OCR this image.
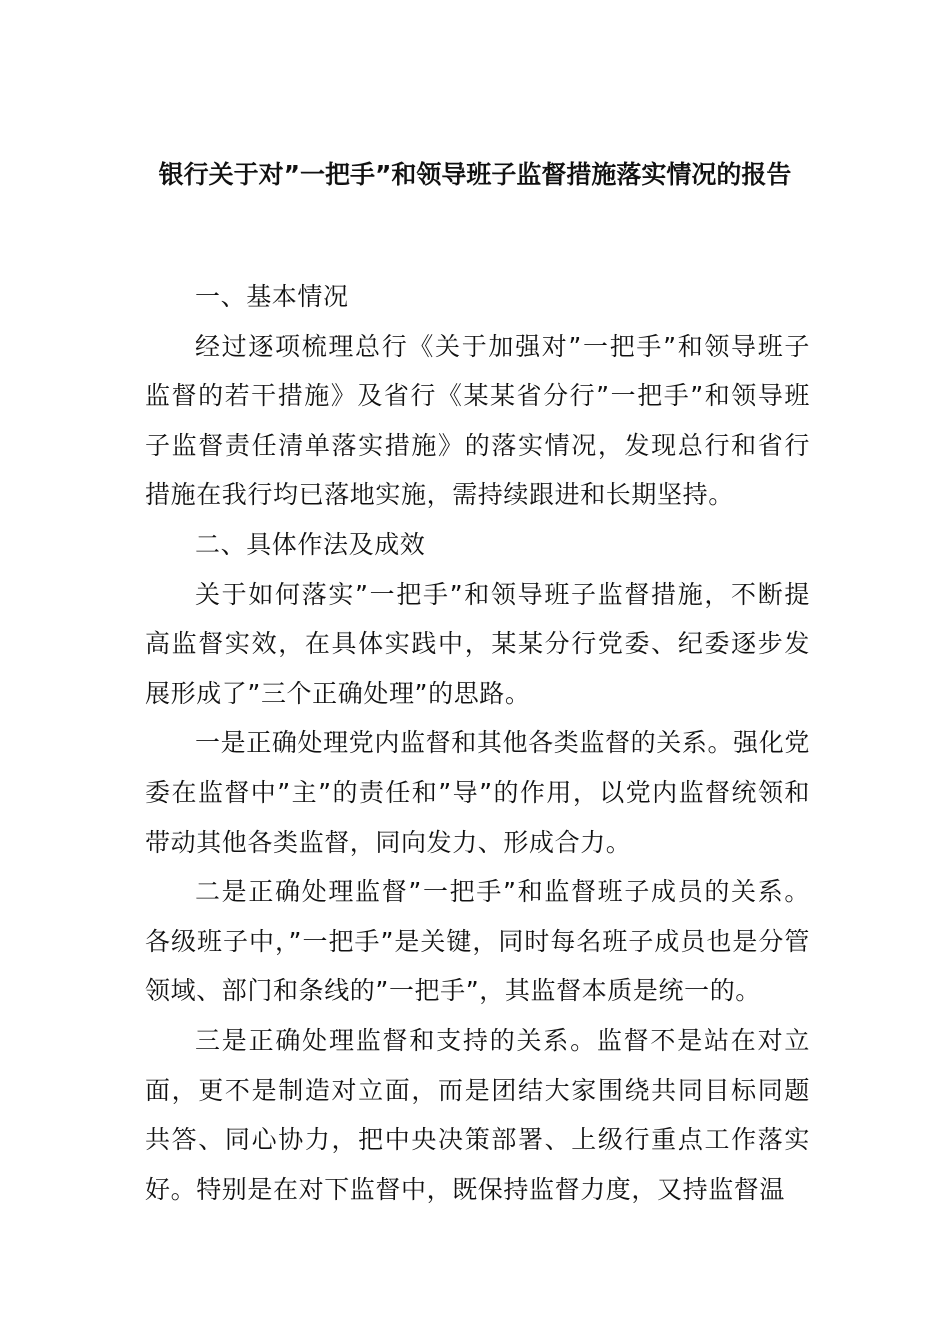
银行关于对”一把手”和领导班子监督措施落实情况的报告

一、基本情况

经过逐项梳理总行《关于加强对”一把手”和领导班子监督的若干措施》及省行《某某省分行”一把手”和领导班子监督责任清单落实措施》的落实情况，发现总行和省行措施在我行均已落地实施，需持续跟进和长期坚持。

二、具体作法及成效

关于如何落实”一把手”和领导班子监督措施，不断提高监督实效，在具体实践中，某某分行党委、纪委逐步发展形成了”三个正确处理”的思路。

一是正确处理党内监督和其他各类监督的关系。强化党委在监督中”主”的责任和”导”的作用，以党内监督统领和带动其他各类监督，同向发力、形成合力。

二是正确处理监督”一把手”和监督班子成员的关系。各级班子中，”一把手”是关键，同时每名班子成员也是分管领域、部门和条线的”一把手”，其监督本质是统一的。

三是正确处理监督和支持的关系。监督不是站在对立面，更不是制造对立面，而是团结大家围绕共同目标同题共答、同心协力，把中央决策部署、上级行重点工作落实好。特别是在对下监督中，既保持监督力度，又持监督温
